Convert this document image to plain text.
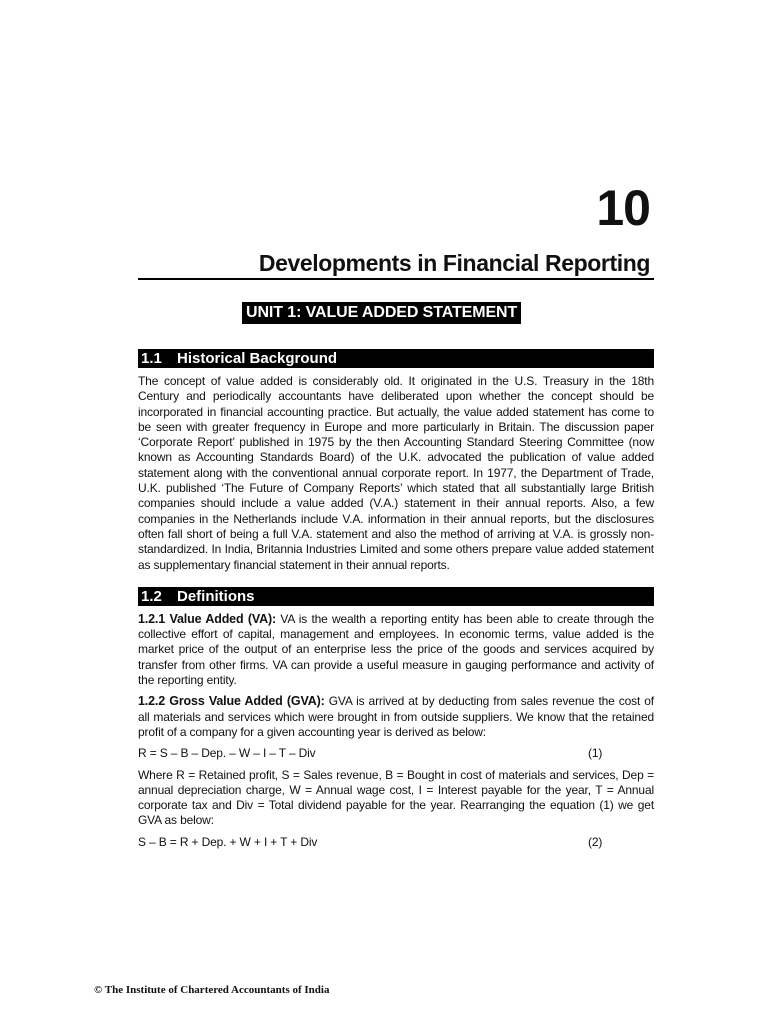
10
Developments in Financial Reporting
UNIT 1: VALUE ADDED STATEMENT
1.1 Historical Background

The concept of value added is considerably old. It originated in the U.S. Treasury in the 18th Century and periodically accountants have deliberated upon whether the concept should be incorporated in financial accounting practice. But actually, the value added statement has come to be seen with greater frequency in Europe and more particularly in Britain. The discussion paper ‘Corporate Report’ published in 1975 by the then Accounting Standard Steering Committee (now known as Accounting Standards Board) of the U.K. advocated the publication of value added statement along with the conventional annual corporate report. In 1977, the Department of Trade, U.K. published ‘The Future of Company Reports’ which stated that all substantially large British companies should include a value added (V.A.) statement in their annual reports. Also, a few companies in the Netherlands include V.A. information in their annual reports, but the disclosures often fall short of being a full V.A. statement and also the method of arriving at V.A. is grossly non-standardized. In India, Britannia Industries Limited and some others prepare value added statement as supplementary financial statement in their annual reports.

1.2 Definitions

1.2.1 Value Added (VA): VA is the wealth a reporting entity has been able to create through the collective effort of capital, management and employees. In economic terms, value added is the market price of the output of an enterprise less the price of the goods and services acquired by transfer from other firms. VA can provide a useful measure in gauging performance and activity of the reporting entity.

1.2.2 Gross Value Added (GVA): GVA is arrived at by deducting from sales revenue the cost of all materials and services which were brought in from outside suppliers. We know that the retained profit of a company for a given accounting year is derived as below:

R = S – B – Dep. – W – I – T – Div	(1)

Where R = Retained profit, S = Sales revenue, B = Bought in cost of materials and services, Dep = annual depreciation charge, W = Annual wage cost, I = Interest payable for the year, T = Annual corporate tax and Div = Total dividend payable for the year. Rearranging the equation (1) we get GVA as below:

S – B = R + Dep. + W + I + T + Div	(2)
© The Institute of Chartered Accountants of India
